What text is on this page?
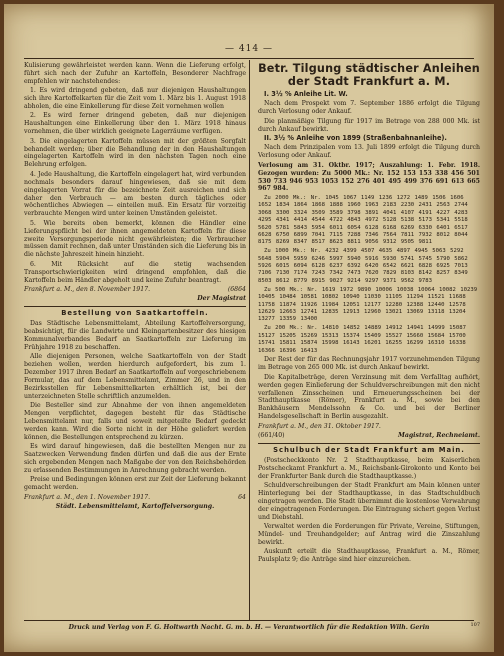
— 414 —

Kulisierung gewährleistet werden kann. Wenn die Lieferung erfolgt, führt sich nach der Zufuhr an Kartoffeln, Besonderer Nachfrage empfehlen wir nachstehendes:

1. Es wird dringend gebeten, daß nur diejenigen Haushaltungen sich ihre Kartoffelkarten für die Zeit vom 1. März bis 1. August 1918 abholen, die eine Einkellerung für diese Zeit vornehmen wollen

2. Es wird ferner dringend gebeten, daß nur diejenigen Haushaltungen eine Einkellerung über den 1. März 1918 hinaus vornehmen, die über wirklich geeignete Lagerräume verfügen.

3. Die eingelagerten Kartoffeln müssen mit der größten Sorgfalt behandelt werden; über die Behandlung der in den Haushaltungen eingelagerten Kartoffeln wird in den nächsten Tagen noch eine Belehrung erfolgen.

4. Jede Haushaltung, die Kartoffeln eingelagert hat, wird verbunden nochmals besonders darauf hingewiesen, daß sie mit dem eingelagerten Vorrat für die bezeichnete Zeit ausreichen und sich daher den Verbrauch — am besten durch tägliches oder wöchentliches Abwiegen — einteilen muß. Ein Ersatz für vorzeitig verbrauchte Mengen wird unter keinen Umständen geleistet.

5. Wie bereits oben bemerkt, können die Händler eine Lieferungspflicht bei der ihnen angemeldeten Kartoffeln für diese zweite Versorgungsperiode nicht gewährleisten; die Verbraucher müssen damit rechnen, daß unter Umständen sich die Lieferung bis in die nächste Jahreszeit hinein hinzieht.

6. Mit Rücksicht auf die stetig wachsenden Transportschwierigkeiten wird dringend empfohlen, daß die Kartoffeln beim Händler abgeholt und keine Zufuhr beantragt.

Frankfurt a. M., den 8. November 1917.	(6864

Der Magistrat

Bestellung von Saatkartoffeln.

Das Städtische Lebensmittelamt, Abteilung Kartoffelversorgung, beabsichtigt, für die Landwirte und Kleingartenbesitzer des hiesigen Kommunalverbandes Bedarf an Saatkartoffeln zur Lieferung im Frühjahre 1918 zu beschaffen.

Alle diejenigen Personen, welche Saatkartoffeln von der Stadt beziehen wollen, werden hierdurch aufgefordert, bis zum 1. Dezember 1917 ihren Bedarf an Saatkartoffeln auf vorgeschriebenem Formular, das auf dem Lebensmittelamt, Zimmer 26, und in den Bezirksstellen für Lebensmittelkarten erhältlich ist, bei der unterzeichneten Stelle schriftlich anzumelden.

Die Besteller sind zur Abnahme der von ihnen angemeldeten Mengen verpflichtet, dagegen besteht für das Städtische Lebensmittelamt nur, falls und soweit mitgeteilte Bedarf gedeckt werden kann. Wird die Sorte nicht in der Höhe geliefert werden können, die Bestellungen entsprechend zu kürzen.

Es wird darauf hingewiesen, daß die bestellten Mengen nur zu Saatzwecken Verwendung finden dürfen und daß die aus der Ernte sich ergebenden Mengen nach Maßgabe der von den Reichsbehörden zu erlassenden Bestimmungen in Anrechnung gebracht werden.

Preise und Bedingungen können erst zur Zeit der Lieferung bekannt gemacht werden.

Frankfurt a. M., den 1. November 1917.	64

Städt. Lebensmittelamt, Kartoffelversorgung.

Betr. Tilgung städtischer Anleihen der Stadt Frankfurt a. M.

I. 3½ % Anleihe Lit. W.

Nach dem Prospekt vom 7. September 1886 erfolgt die Tilgung durch Verlosung oder Ankauf.

Die planmäßige Tilgung für 1917 im Betrage von 288 000 Mk. ist durch Ankauf bewirkt.

II. 3½ % Anleihe von 1899 (Straßenbahnanleihe).

Nach dem Prinzipalen vom 13. Juli 1899 erfolgt die Tilgung durch Verlosung oder Ankauf.

Verlosung am 31. Oktbr. 1917; Auszahlung: 1. Febr. 1918. Gezogen wurden: Zu 5000 Mk.: Nr. 152 153 153 338 456 501 530 733 946 953 1053 152 276 401 495 499 376 691 613 665 967 984.

Zu 2000 Mk.: Nr. 1045 1067 1149 1236 1272 1489 1506 1606 1652 1834 1864 1868 1888 1960 1963 2183 2230 2431 2563 2744 3068 3300 3324 3509 3589 3798 3891 4041 4107 4191 4227 4283 4295 4341 4414 4544 4722 4843 4972 5128 5138 5173 5341 5518 5620 5781 5843 5954 6011 6054 6128 6168 6269 6330 6401 6517 6628 6750 6899 7041 7115 7288 7346 7564 7811 7932 8012 8044 8175 8269 8347 8517 8623 8811 9056 9312 9505 9811

Zu 1000 Mk.: Nr. 4232 4399 4507 4635 4897 4945 5063 5292 5648 5904 5959 6246 5997 5940 5916 5930 5741 5745 5790 5862 5926 6015 6094 6128 6237 6392 6420 6542 6621 6828 6925 7013 7106 7130 7174 7243 7342 7473 7620 7829 8103 8142 8257 8349 8503 8612 8779 8915 9027 9214 9297 9371 9562 9783

Zu 500 Mk.: Nr. 1619 1972 9890 10006 10038 10064 10082 10239 10405 10484 10581 10802 10940 11030 11105 11294 11521 11688 11758 11874 11926 11984 12051 12177 12280 12388 12440 12578 12629 12663 12741 12835 12913 12960 13021 13069 13118 13204 13277 13359 13400

Zu 200 Mk.: Nr. 14810 14852 14889 14912 14941 14999 15087 15127 15205 15269 15313 15374 15409 15527 15660 15684 15700 15741 15811 15874 15998 16143 16201 16255 16299 16310 16338 16366 16396 16413

Der Rest der für das Rechnungsjahr 1917 vorzunehmenden Tilgung im Betrage von 265 000 Mk. ist durch Ankauf bewirkt.

Die Kapitalbeträge, deren Verzinsung mit dem Verfalltag aufhört, werden gegen Einlieferung der Schuldverschreibungen mit den nicht verfallenen Zinsscheinen und Erneuerungsscheinen bei der Stadthauptkasse (Römer), Frankfurt a. M., sowie bei den Bankhäusern Mendelssohn & Co. und bei der Berliner Handelsgesellschaft in Berlin ausgezahlt.

Frankfurt a. M., den 31. Oktober 1917.

(661/40)	Magistrat, Rechneiamt.

Schulbuch der Stadt Frankfurt am Main.

(Postscheckkonto Nr. 2 Stadthauptkasse, beim Kaiserlichen Postscheckamt Frankfurt a. M., Reichsbank-Girokonto und Konto bei der Frankfurter Bank durch die Stadthauptkasse.)

Schuldverschreibungen der Stadt Frankfurt am Main können unter Hinterlegung bei der Stadthauptkasse, in das Stadtschuldbuch eingetragen werden. Die Stadt übernimmt die kostenlose Verwahrung der eingetragenen Forderungen. Die Eintragung sichert gegen Verlust und Diebstahl.

Verwaltet werden die Forderungen für Private, Vereine, Stiftungen, Mündel- und Treuhandgelder; auf Antrag wird die Zinszahlung bewirkt.

Auskunft erteilt die Stadthauptkasse, Frankfurt a. M., Römer, Paulsplatz 9; die Anträge sind hier einzureichen.

107
Druck und Verlag von F. G. Holtwarth Nacht. G. m. b. H. — Verantwortlich für die Redaktion Wilh. Gerin
